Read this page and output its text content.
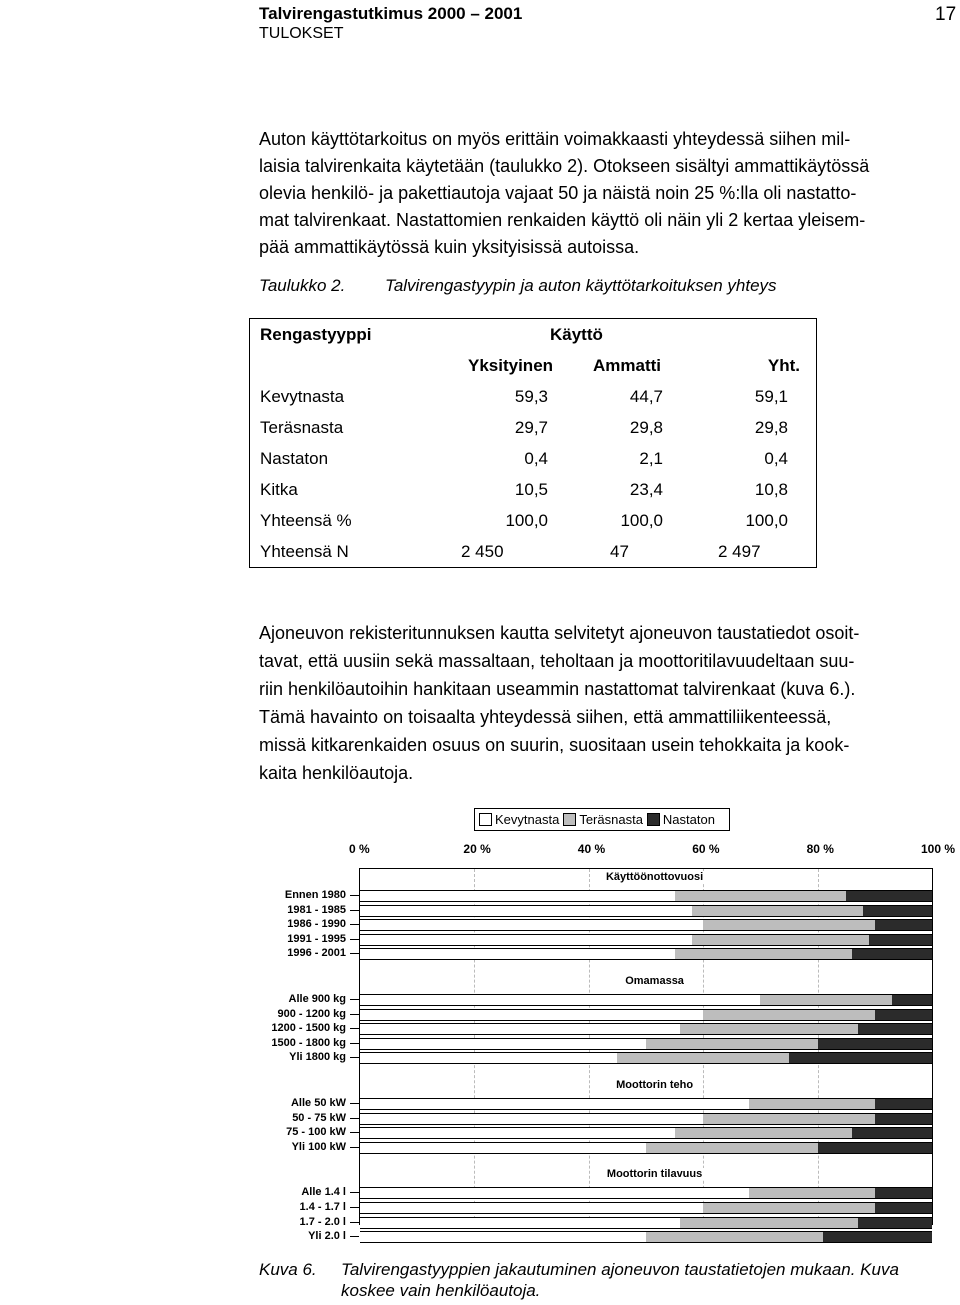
Talvirengastutkimus 2000 – 2001
TULOKSET
17
Auton käyttötarkoitus on myös erittäin voimakkaasti yhteydessä siihen mil-
laisia talvirenkaita käytetään (taulukko 2). Otokseen sisältyi ammattikäytössä
olevia henkilö- ja pakettiautoja vajaat 50 ja näistä noin 25 %:lla oli nastatto-
mat talvirenkaat. Nastattomien renkaiden käyttö oli näin yli 2 kertaa yleisem-
pää ammattikäytössä kuin yksityisissä autoissa.
Taulukko 2. Talvirengastyypin ja auton käyttötarkoituksen yhteys
Rengastyyppi	Käyttö		
	Yksityinen	Ammatti	Yht.
Kevytnasta	59,3	44,7	59,1
Teräsnasta	29,7	29,8	29,8
Nastaton	0,4	2,1	0,4
Kitka	10,5	23,4	10,8
Yhteensä %	100,0	100,0	100,0
Yhteensä N	2 450	47	2 497
Ajoneuvon rekisteritunnuksen kautta selvitetyt ajoneuvon taustatiedot osoit-
tavat, että uusiin sekä massaltaan, teholtaan ja moottoritilavuudeltaan suu-
riin henkilöautoihin hankitaan useammin nastattomat talvirenkaat (kuva 6.).
Tämä havainto on toisaalta yhteydessä siihen, että ammattiliikenteessä,
missä kitkarenkaiden osuus on suurin, suositaan usein tehokkaita ja kook-
kaita henkilöautoja.
Kevytnasta Teräsnasta Nastaton
0 %	20 %	40 %	60 %	80 %	100 %
Ennen 1980
1981 - 1985
1986 - 1990
1991 - 1995
1996 - 2001
Alle 900 kg
900 - 1200 kg
1200 - 1500 kg
1500 - 1800 kg
Yli 1800 kg
Alle 50 kW
50 - 75 kW
75 - 100 kW
Yli 100 kW
Alle 1.4 l
1.4 - 1.7 l
1.7 - 2.0 l
Yli 2.0 l
Käyttöönottovuosi
Omamassa
Moottorin teho
Moottorin tilavuus
Kuva 6. Talvirengastyyppien jakautuminen ajoneuvon taustatietojen mukaan. Kuva
koskee vain henkilöautoja.
